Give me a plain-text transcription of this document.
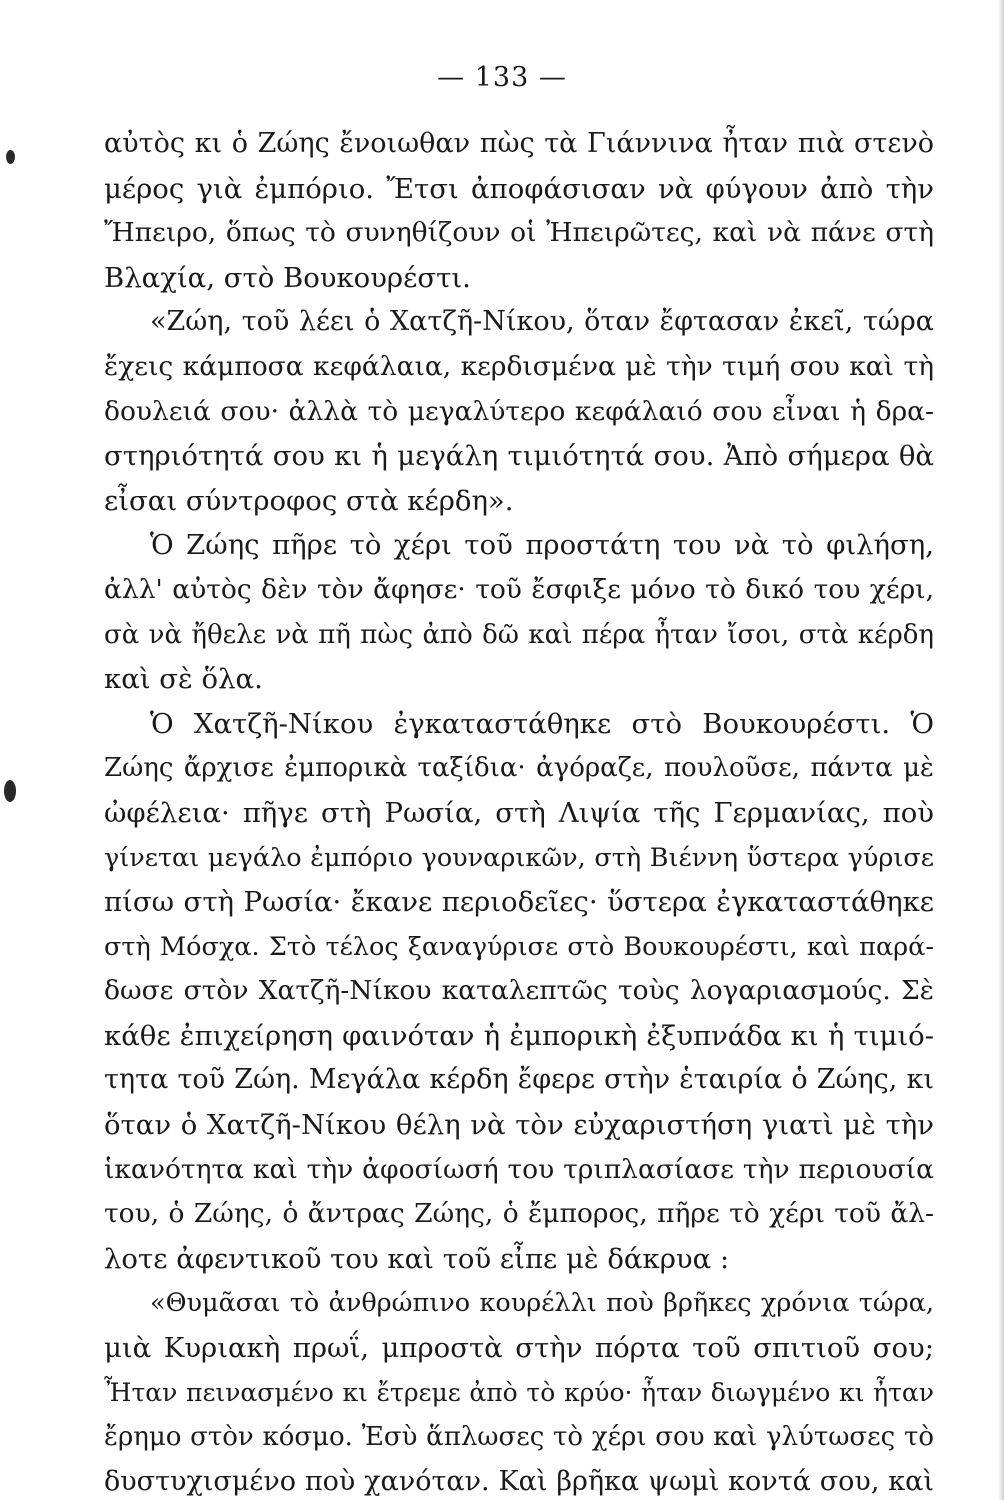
— 133 —
αὐτὸς κι ὁ Ζώης ἔνοιωθαν πὼς τὰ Γιάννινα ἦταν πιὰ στενὸ
μέρος γιὰ ἐμπόριο. Ἔτσι ἀποφάσισαν νὰ φύγουν ἀπὸ τὴν
Ἤπειρο, ὅπως τὸ συνηθίζουν οἱ Ἠπειρῶτες, καὶ νὰ πάνε στὴ
Βλαχία, στὸ Βουκουρέστι.
«Ζώη, τοῦ λέει ὁ Χατζῆ-Νίκου, ὅταν ἔφτασαν ἐκεῖ, τώρα
ἔχεις κάμποσα κεφάλαια, κερδισμένα μὲ τὴν τιμή σου καὶ τὴ
δουλειά σου· ἀλλὰ τὸ μεγαλύτερο κεφάλαιό σου εἶναι ἡ δρα-
στηριότητά σου κι ἡ μεγάλη τιμιότητά σου. Ἀπὸ σήμερα θὰ
εἶσαι σύντροφος στὰ κέρδη».
Ὁ Ζώης πῆρε τὸ χέρι τοῦ προστάτη του νὰ τὸ φιλήση,
ἀλλ' αὐτὸς δὲν τὸν ἄφησε· τοῦ ἔσφιξε μόνο τὸ δικό του χέρι,
σὰ νὰ ἤθελε νὰ πῆ πὼς ἀπὸ δῶ καὶ πέρα ἦταν ἴσοι, στὰ κέρδη
καὶ σὲ ὅλα.
Ὁ Χατζῆ-Νίκου ἐγκαταστάθηκε στὸ Βουκουρέστι. Ὁ
Ζώης ἄρχισε ἐμπορικὰ ταξίδια· ἀγόραζε, πουλοῦσε, πάντα μὲ
ὠφέλεια· πῆγε στὴ Ρωσία, στὴ Λιψία τῆς Γερμανίας, ποὺ
γίνεται μεγάλο ἐμπόριο γουναρικῶν, στὴ Βιέννη ὕστερα γύρισε
πίσω στὴ Ρωσία· ἔκανε περιοδεῖες· ὕστερα ἐγκαταστάθηκε
στὴ Μόσχα. Στὸ τέλος ξαναγύρισε στὸ Βουκουρέστι, καὶ παρά-
δωσε στὸν Χατζῆ-Νίκου καταλεπτῶς τοὺς λογαριασμούς. Σὲ
κάθε ἐπιχείρηση φαινόταν ἡ ἐμπορικὴ ἐξυπνάδα κι ἡ τιμιό-
τητα τοῦ Ζώη. Μεγάλα κέρδη ἔφερε στὴν ἑταιρία ὁ Ζώης, κι
ὅταν ὁ Χατζῆ-Νίκου θέλη νὰ τὸν εὐχαριστήση γιατὶ μὲ τὴν
ἱκανότητα καὶ τὴν ἀφοσίωσή του τριπλασίασε τὴν περιουσία
του, ὁ Ζώης, ὁ ἄντρας Ζώης, ὁ ἔμπορος, πῆρε τὸ χέρι τοῦ ἄλ-
λοτε ἀφεντικοῦ του καὶ τοῦ εἶπε μὲ δάκρυα :
«Θυμᾶσαι τὸ ἀνθρώπινο κουρέλλι ποὺ βρῆκες χρόνια τώρα,
μιὰ Κυριακὴ πρωΐ, μπροστὰ στὴν πόρτα τοῦ σπιτιοῦ σου;
Ἦταν πεινασμένο κι ἔτρεμε ἀπὸ τὸ κρύο· ἦταν διωγμένο κι ἦταν
ἔρημο στὸν κόσμο. Ἐσὺ ἅπλωσες τὸ χέρι σου καὶ γλύτωσες τὸ
δυστυχισμένο ποὺ χανόταν. Καὶ βρῆκα ψωμὶ κοντά σου, καὶ
